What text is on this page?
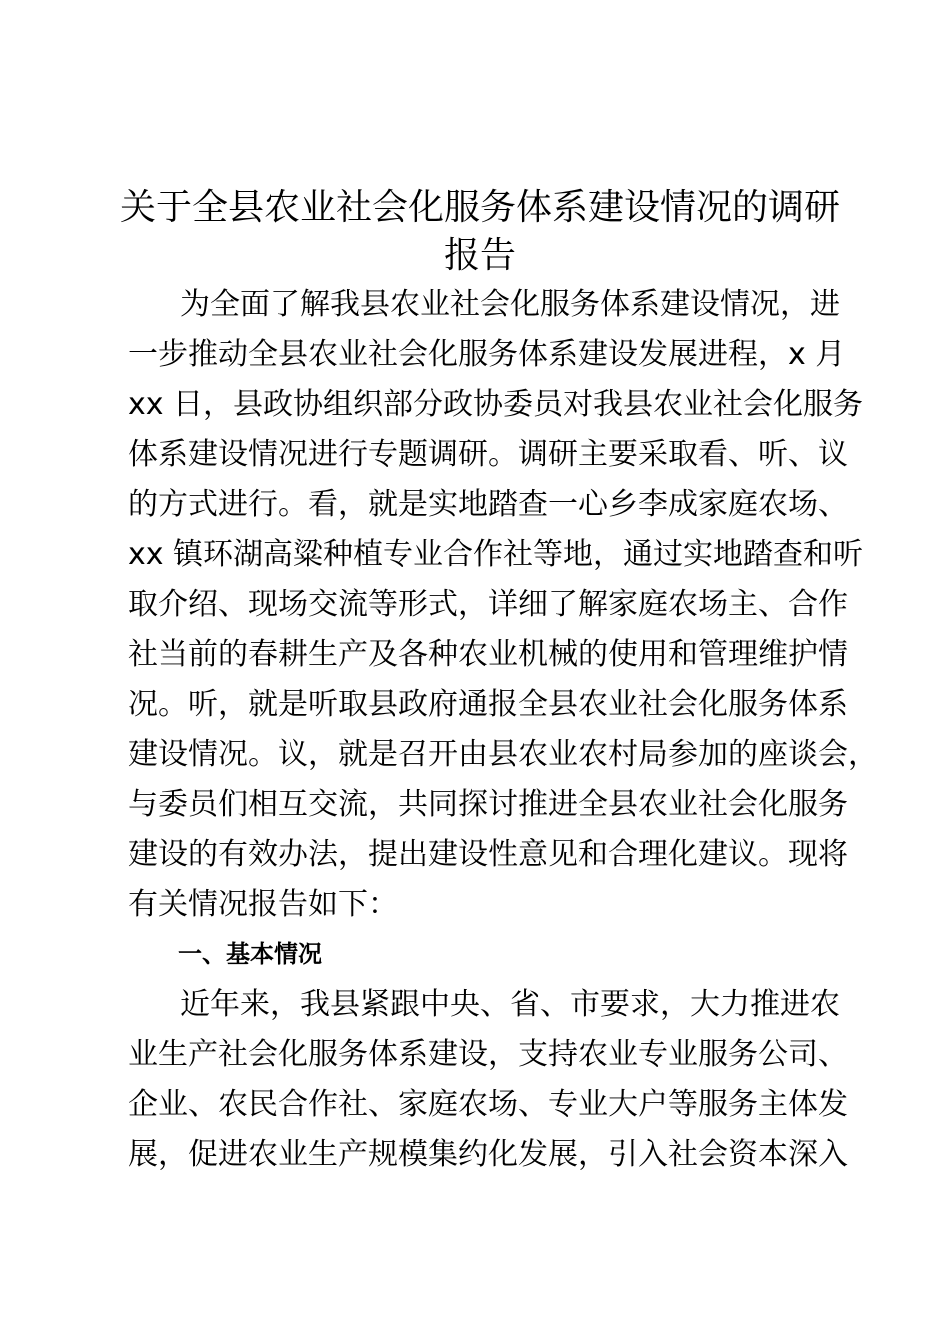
关于全县农业社会化服务体系建设情况的调研
报告

为全面了解我县农业社会化服务体系建设情况，进

一步推动全县农业社会化服务体系建设发展进程，x 月

xx 日，县政协组织部分政协委员对我县农业社会化服务

体系建设情况进行专题调研。调研主要采取看、听、议

的方式进行。看，就是实地踏查一心乡李成家庭农场、

xx 镇环湖高粱种植专业合作社等地，通过实地踏查和听

取介绍、现场交流等形式，详细了解家庭农场主、合作

社当前的春耕生产及各种农业机械的使用和管理维护情

况。听，就是听取县政府通报全县农业社会化服务体系

建设情况。议，就是召开由县农业农村局参加的座谈会，

与委员们相互交流，共同探讨推进全县农业社会化服务

建设的有效办法，提出建设性意见和合理化建议。现将

有关情况报告如下：

一、基本情况

近年来，我县紧跟中央、省、市要求，大力推进农

业生产社会化服务体系建设，支持农业专业服务公司、

企业、农民合作社、家庭农场、专业大户等服务主体发

展，促进农业生产规模集约化发展，引入社会资本深入
